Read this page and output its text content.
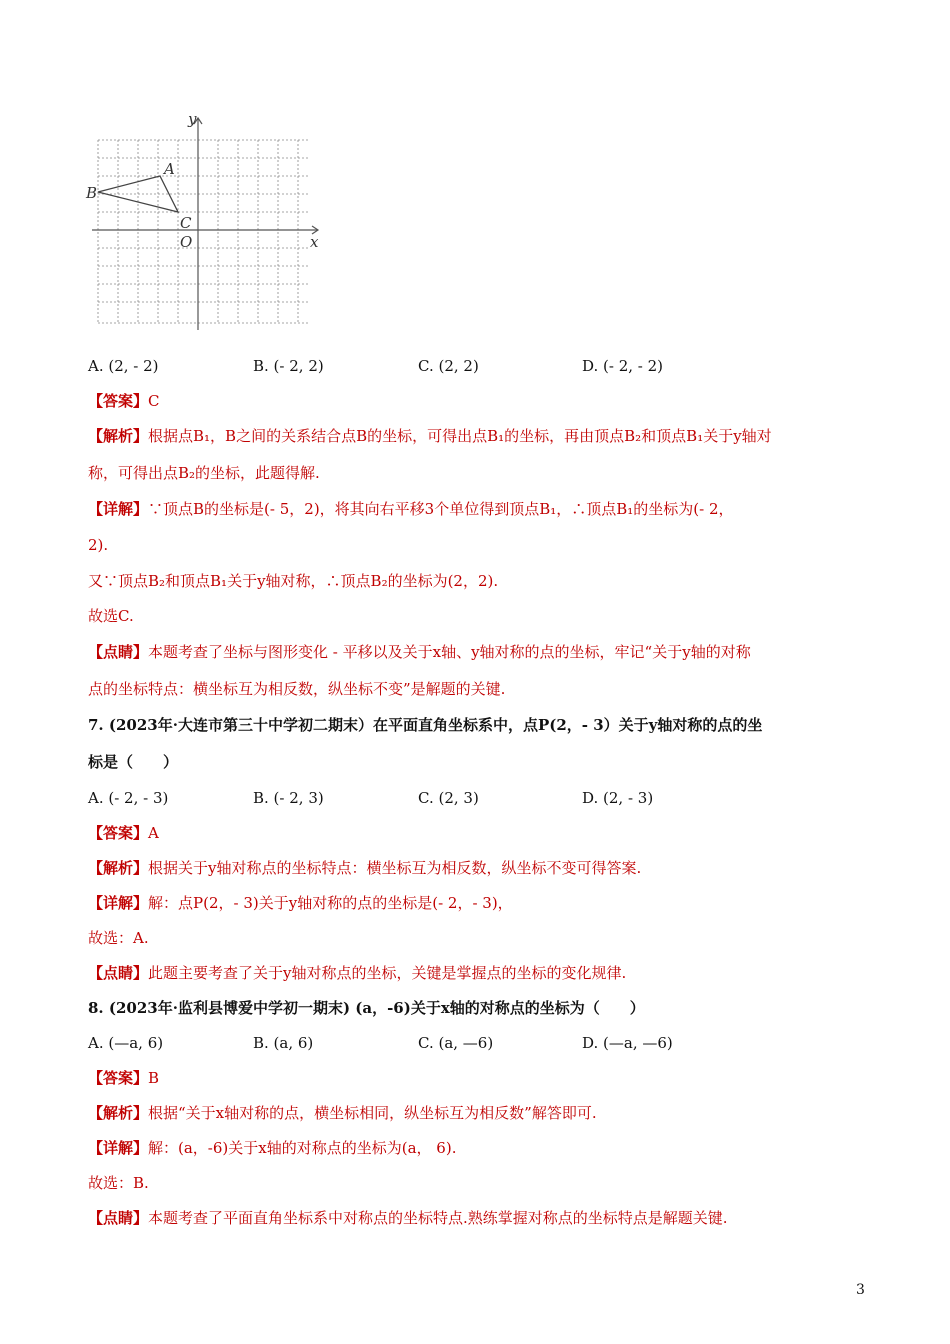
x
y
O
A
B
C
A. (2, - 2)	B. (- 2, 2)	C. (2, 2)	D. (- 2, - 2)
【答案】C
【解析】根据点B₁，B之间的关系结合点B的坐标，可得出点B₁的坐标，再由顶点B₂和顶点B₁关于y轴对
称，可得出点B₂的坐标，此题得解.
【详解】∵顶点B的坐标是(- 5，2)，将其向右平移3个单位得到顶点B₁，∴顶点B₁的坐标为(- 2，
2).
又∵顶点B₂和顶点B₁关于y轴对称，∴顶点B₂的坐标为(2，2).
故选C.
【点睛】本题考查了坐标与图形变化 - 平移以及关于x轴、y轴对称的点的坐标，牢记“关于y轴的对称
点的坐标特点：横坐标互为相反数，纵坐标不变”是解题的关键.
7. (2023年·大连市第三十中学初二期末）在平面直角坐标系中，点P(2，- 3）关于y轴对称的点的坐
标是（　　）
A. (- 2, - 3)	B. (- 2, 3)	C. (2, 3)	D. (2, - 3)
【答案】A
【解析】根据关于y轴对称点的坐标特点：横坐标互为相反数，纵坐标不变可得答案.
【详解】解：点P(2，- 3)关于y轴对称的点的坐标是(- 2，- 3)，
故选：A.
【点睛】此题主要考查了关于y轴对称点的坐标，关键是掌握点的坐标的变化规律.
8. (2023年·监利县博爱中学初一期末) (a，-6)关于x轴的对称点的坐标为（　　）
A. (—a, 6)	B. (a, 6)	C. (a, —6)	D. (—a, —6)
【答案】B
【解析】根据“关于x轴对称的点，横坐标相同，纵坐标互为相反数”解答即可.
【详解】解：(a，-6)关于x轴的对称点的坐标为(a， 6).
故选：B.
【点睛】本题考查了平面直角坐标系中对称点的坐标特点.熟练掌握对称点的坐标特点是解题关键.
3
